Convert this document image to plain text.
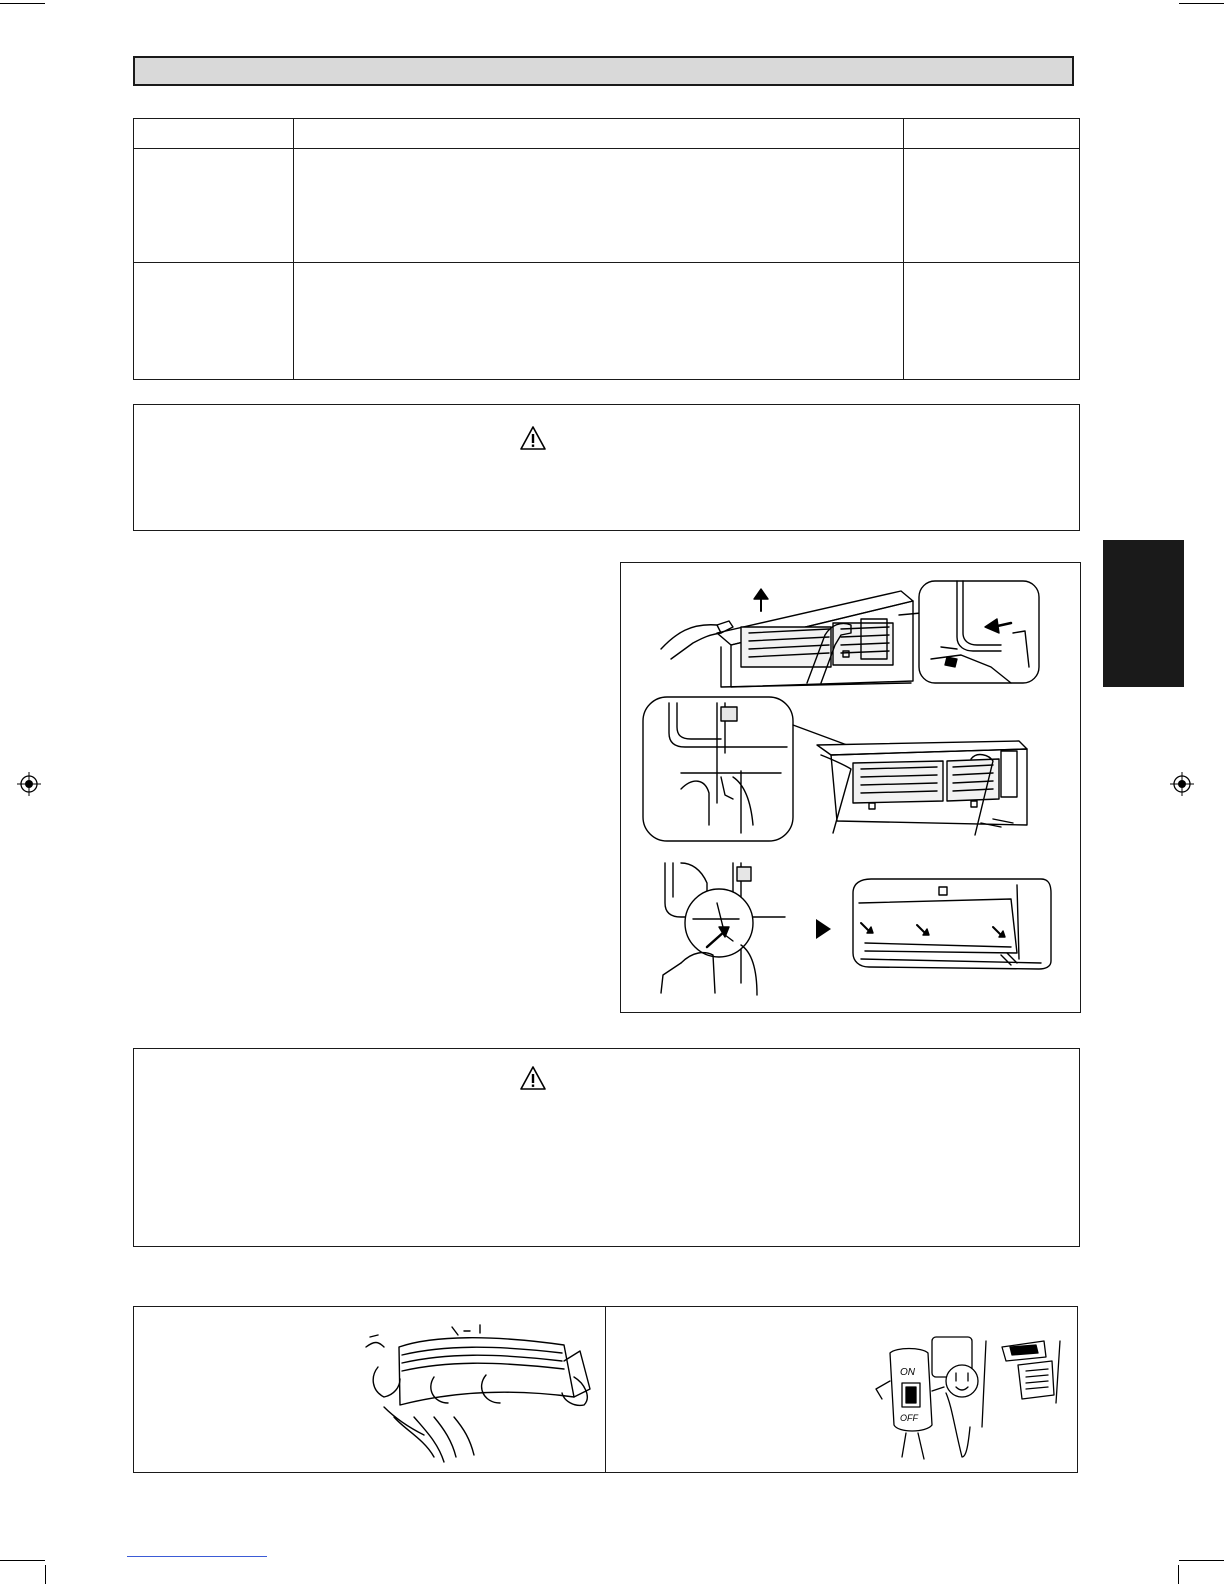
ON
OFF
